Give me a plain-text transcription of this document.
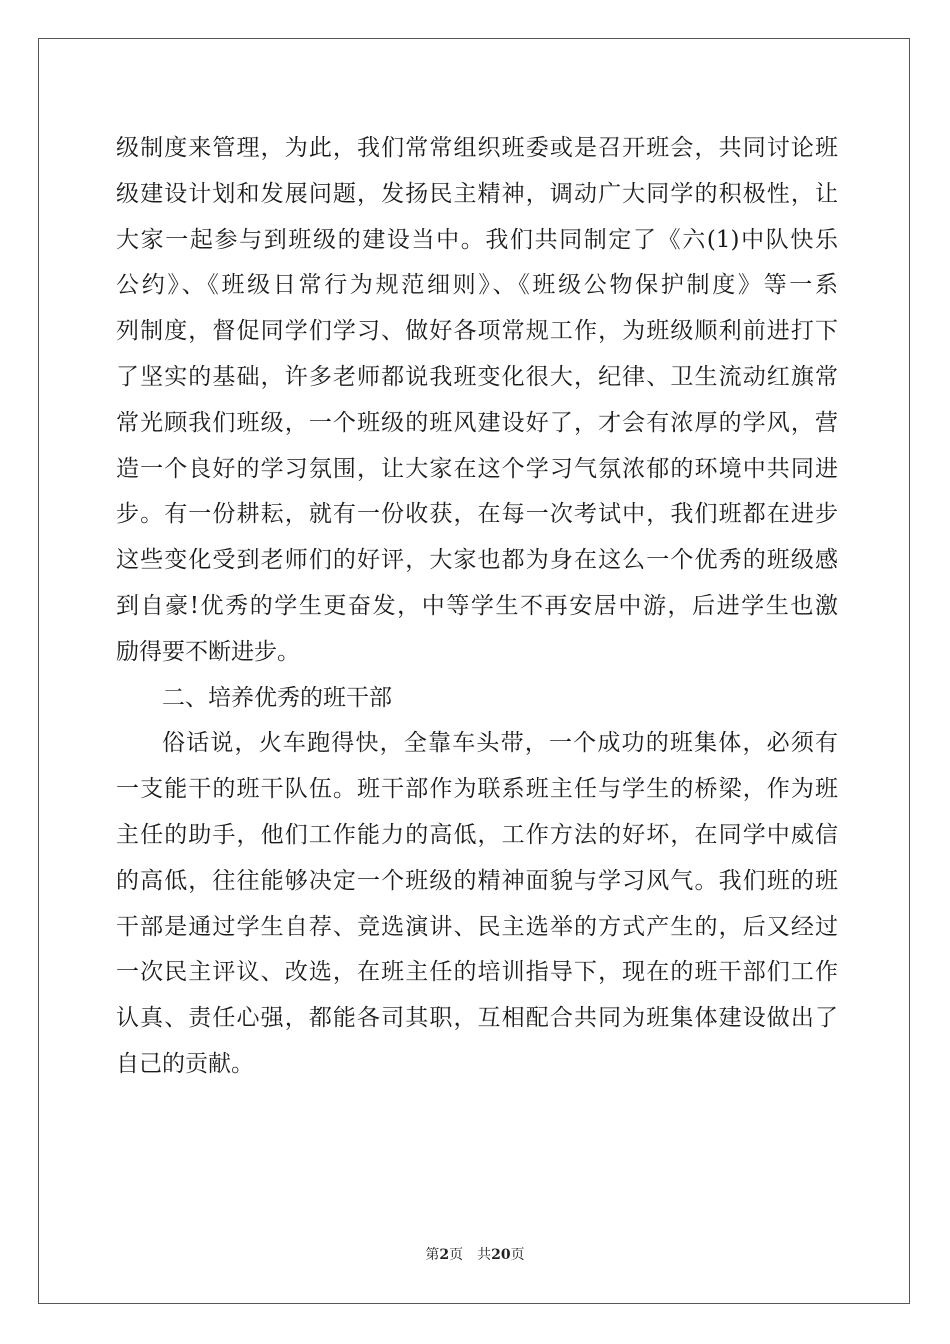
级制度来管理，为此，我们常常组织班委或是召开班会，共同讨论班
级建设计划和发展问题，发扬民主精神，调动广大同学的积极性，让
大家一起参与到班级的建设当中。我们共同制定了《六(1)中队快乐
公约》、《班级日常行为规范细则》、《班级公物保护制度》等一系
列制度，督促同学们学习、做好各项常规工作，为班级顺利前进打下
了坚实的基础，许多老师都说我班变化很大，纪律、卫生流动红旗常
常光顾我们班级，一个班级的班风建设好了，才会有浓厚的学风，营
造一个良好的学习氛围，让大家在这个学习气氛浓郁的环境中共同进
步。有一份耕耘，就有一份收获，在每一次考试中，我们班都在进步
这些变化受到老师们的好评，大家也都为身在这么一个优秀的班级感
到自豪!优秀的学生更奋发，中等学生不再安居中游，后进学生也激
励得要不断进步。
二、培养优秀的班干部
俗话说，火车跑得快，全靠车头带，一个成功的班集体，必须有
一支能干的班干队伍。班干部作为联系班主任与学生的桥梁，作为班
主任的助手，他们工作能力的高低，工作方法的好坏，在同学中威信
的高低，往往能够决定一个班级的精神面貌与学习风气。我们班的班
干部是通过学生自荐、竞选演讲、民主选举的方式产生的，后又经过
一次民主评议、改选，在班主任的培训指导下，现在的班干部们工作
认真、责任心强，都能各司其职，互相配合共同为班集体建设做出了
自己的贡献。
第2页 共20页
